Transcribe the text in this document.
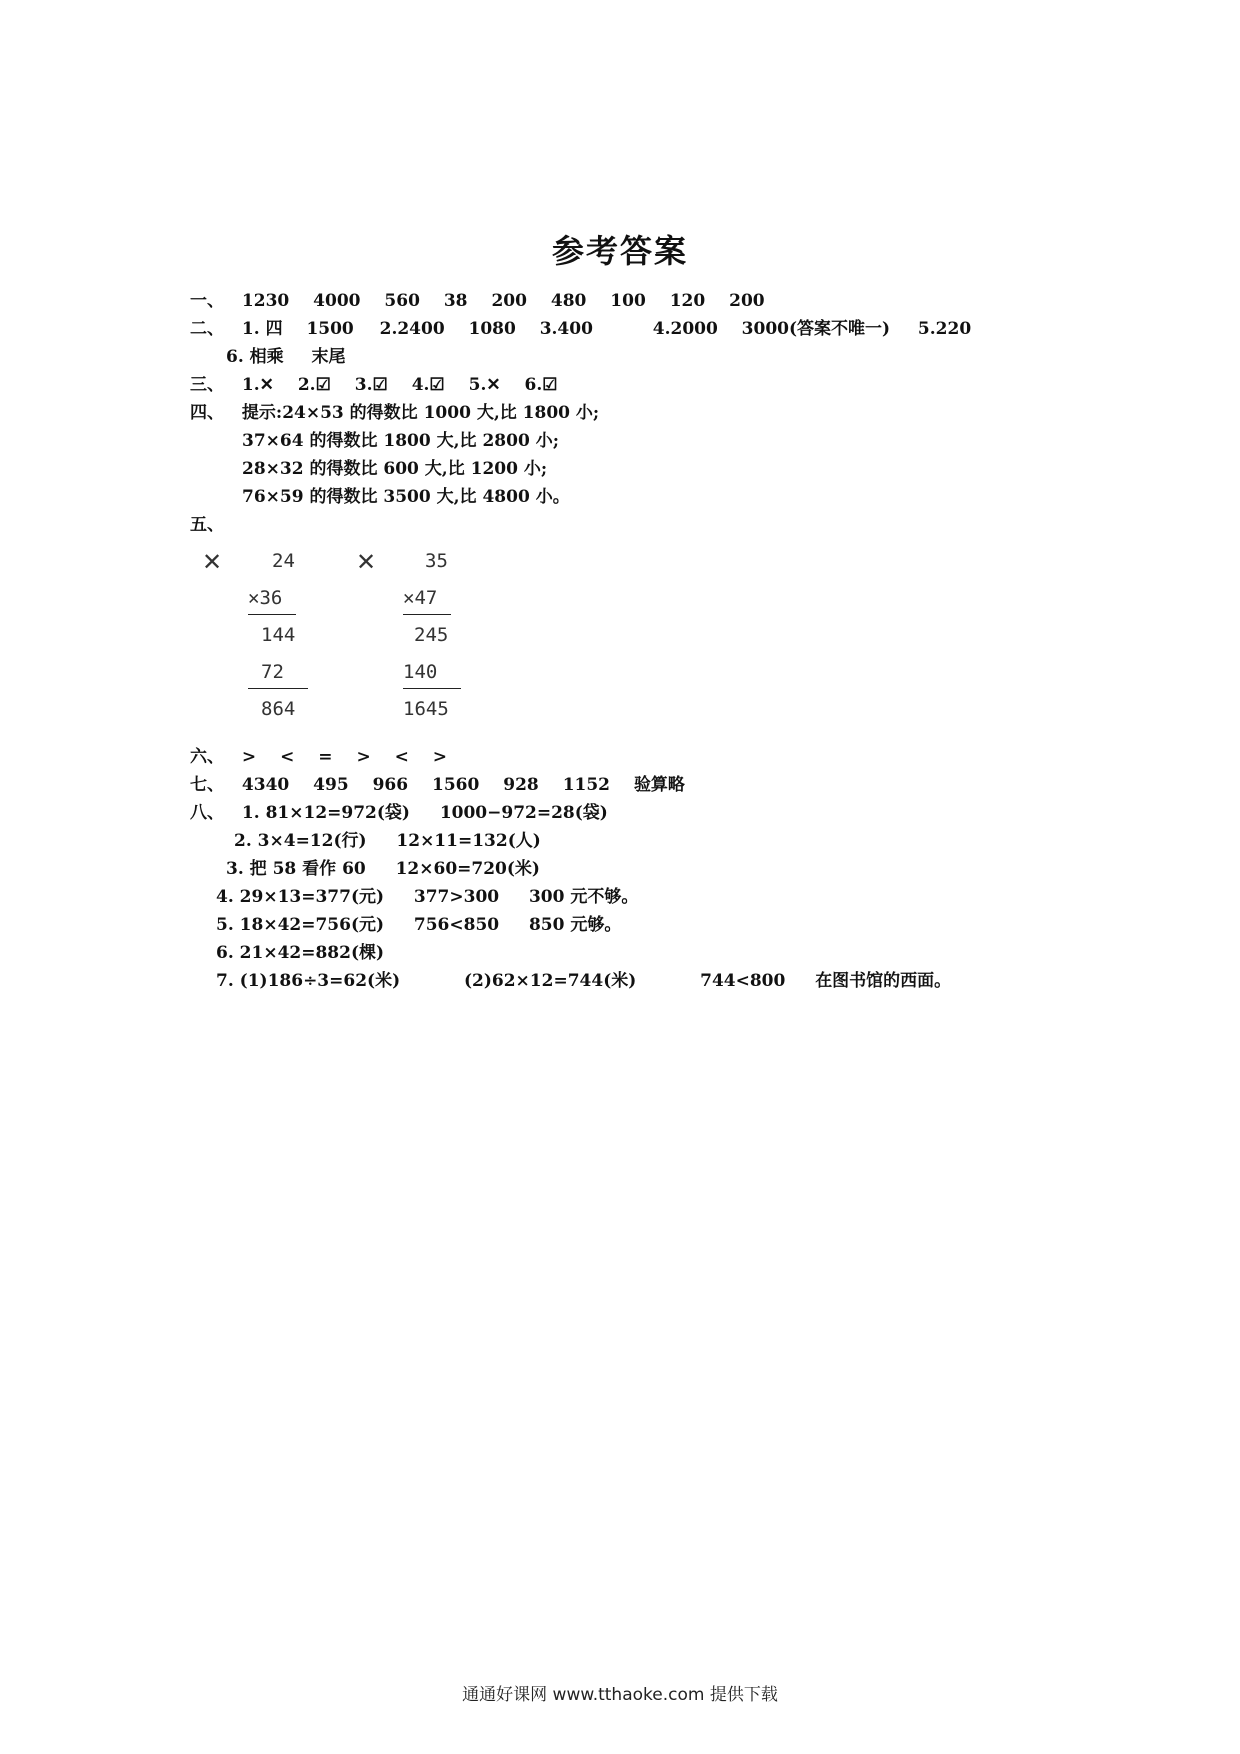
参考答案
一、 1230 4000 560 38 200 480 100 120 200
二、 1. 四 1500 2.2400 1080 3.400	4.2000 3000(答案不唯一) 5.220
6. 相乘 末尾
三、 1.✕ 2.☑ 3.☑ 4.☑ 5.✕ 6.☑
四、 提示:24×53 的得数比 1000 大,比 1800 小;
37×64 的得数比 1800 大,比 2800 小;
28×32 的得数比 600 大,比 1200 小;
76×59 的得数比 3500 大,比 4800 小。
五、
✕	24
✕36
144
72
864
✕	35
✕47
245
140
1645
六、 > < = > < >
七、 4340 495 966 1560 928 1152 验算略
八、 1. 81×12=972(袋) 1000−972=28(袋)
2. 3×4=12(行) 12×11=132(人)
3. 把 58 看作 60 12×60=720(米)
4. 29×13=377(元) 377>300 300 元不够。
5. 18×42=756(元) 756<850 850 元够。
6. 21×42=882(棵)
7. (1)186÷3=62(米)	(2)62×12=744(米)	744<800 在图书馆的西面。
通通好课网 www.tthaoke.com 提供下载
